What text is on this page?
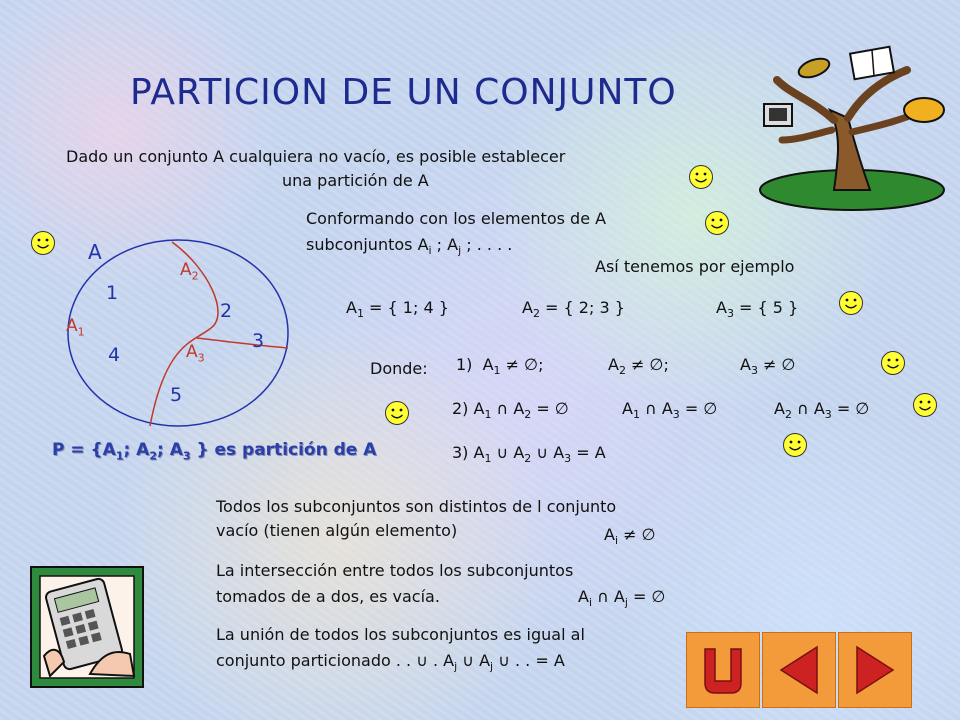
PARTICION DE UN CONJUNTO
Dado un conjunto A cualquiera no vacío, es posible establecer
una partición de A
Conformando con los elementos de A
subconjuntos $A_i$ ; $A_j$ ; . . . .
Así tenemos por ejemplo
$A_1$ = { 1; 4 }	$A_2$ = { 2; 3 }	$A_3$ = { 5 }
Donde: 1)  $A_1$ ≠ ∅;	$A_2$ ≠ ∅;	$A_3$ ≠ ∅
2) $A_1$ ∩ $A_2$ = ∅	$A_1$ ∩ $A_3$ = ∅	$A_2$ ∩ $A_3$ = ∅
3) $A_1$ ∪ $A_2$ ∪ $A_3 = A$
A
$A_2$
$A_1$
$A_3$
1
4
2
3
5
$P = \{A_1$; $A_2$; $A_3$ } es partición de A
Todos los subconjuntos son distintos de l conjunto
vacío (tienen algún elemento)	$A_i$ ≠ ∅
La intersección entre todos los subconjuntos
tomados de a dos, es vacía.	$A_i$ ∩ $A_j$ = ∅
La unión de todos los subconjuntos es igual al
conjunto particionado . . ∪ . $A_j$ ∪ $A_j$ ∪ . . = A
